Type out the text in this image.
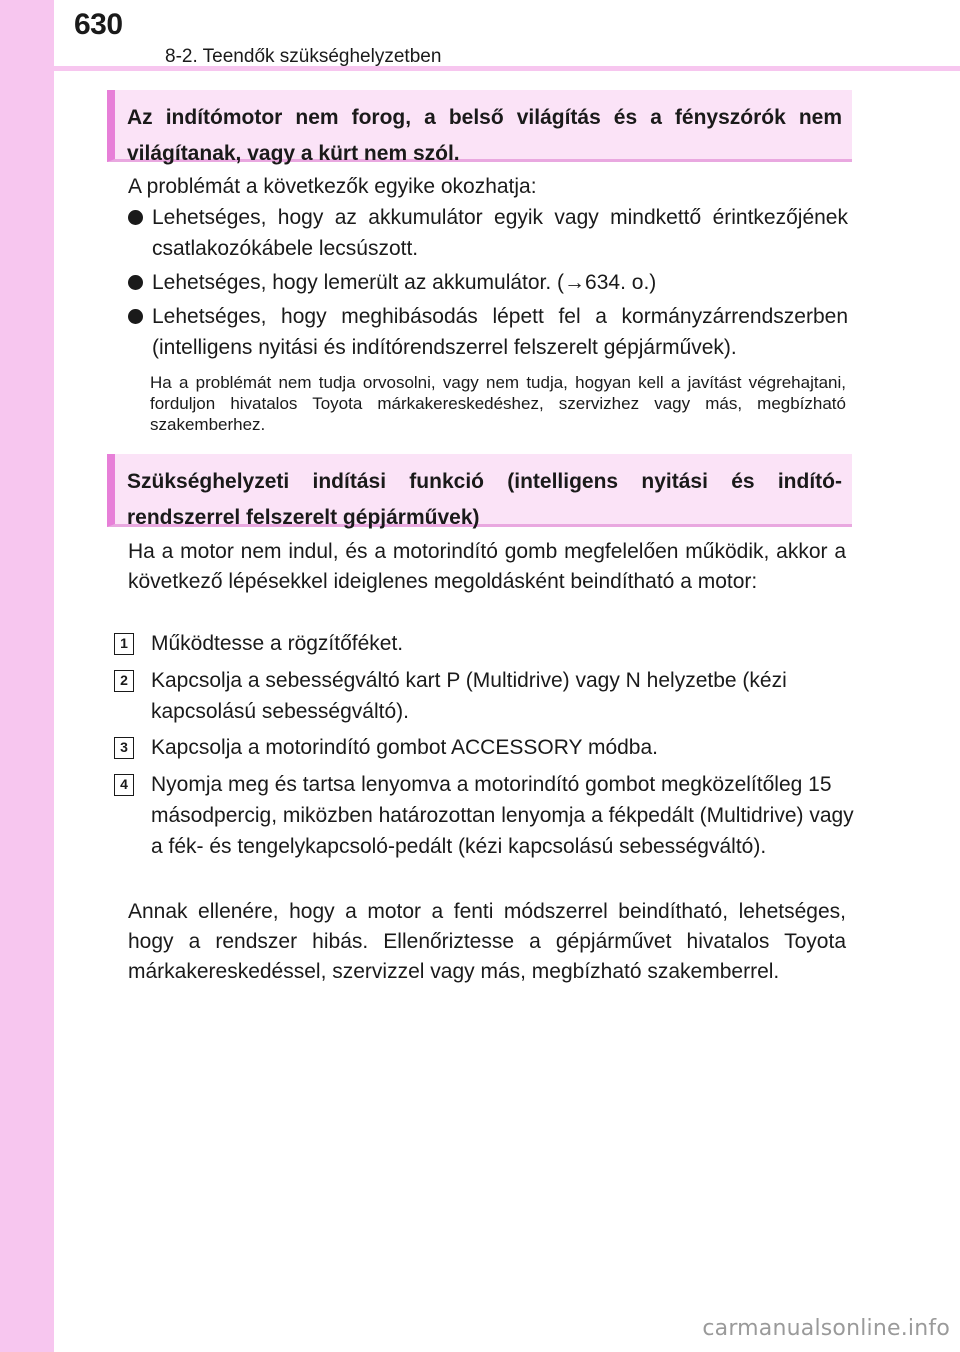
630
8-2. Teendők szükséghelyzetben
Az indítómotor nem forog, a belső világítás és a fényszórók nem világítanak, vagy a kürt nem szól.
A problémát a következők egyike okozhatja:
Lehetséges, hogy az akkumulátor egyik vagy mindkettő érintkezőjének csatlakozókábele lecsúszott.
Lehetséges, hogy lemerült az akkumulátor. (→634. o.)
Lehetséges, hogy meghibásodás lépett fel a kormányzárrendszerben (intelligens nyitási és indítórendszerrel felszerelt gépjárművek).
Ha a problémát nem tudja orvosolni, vagy nem tudja, hogyan kell a javítást végrehajtani, forduljon hivatalos Toyota márkakereskedéshez, szervizhez vagy más, megbízható szakemberhez.
Szükséghelyzeti indítási funkció (intelligens nyitási és indítórendszerrel felszerelt gépjárművek)
Ha a motor nem indul, és a motorindító gomb megfelelően működik, akkor a következő lépésekkel ideiglenes megoldásként beindítható a motor:
1 Működtesse a rögzítőféket.
2 Kapcsolja a sebességváltó kart P (Multidrive) vagy N helyzetbe (kézi kapcsolású sebességváltó).
3 Kapcsolja a motorindító gombot ACCESSORY módba.
4 Nyomja meg és tartsa lenyomva a motorindító gombot megközelítőleg 15 másodpercig, miközben határozottan lenyomja a fékpedált (Multidrive) vagy a fék- és tengelykapcsoló-pedált (kézi kapcsolású sebességváltó).
Annak ellenére, hogy a motor a fenti módszerrel beindítható, lehetséges, hogy a rendszer hibás. Ellenőriztesse a gépjárművet hivatalos Toyota márkakereskedéssel, szervizzel vagy más, megbízható szakemberrel.
carmanualsonline.info
